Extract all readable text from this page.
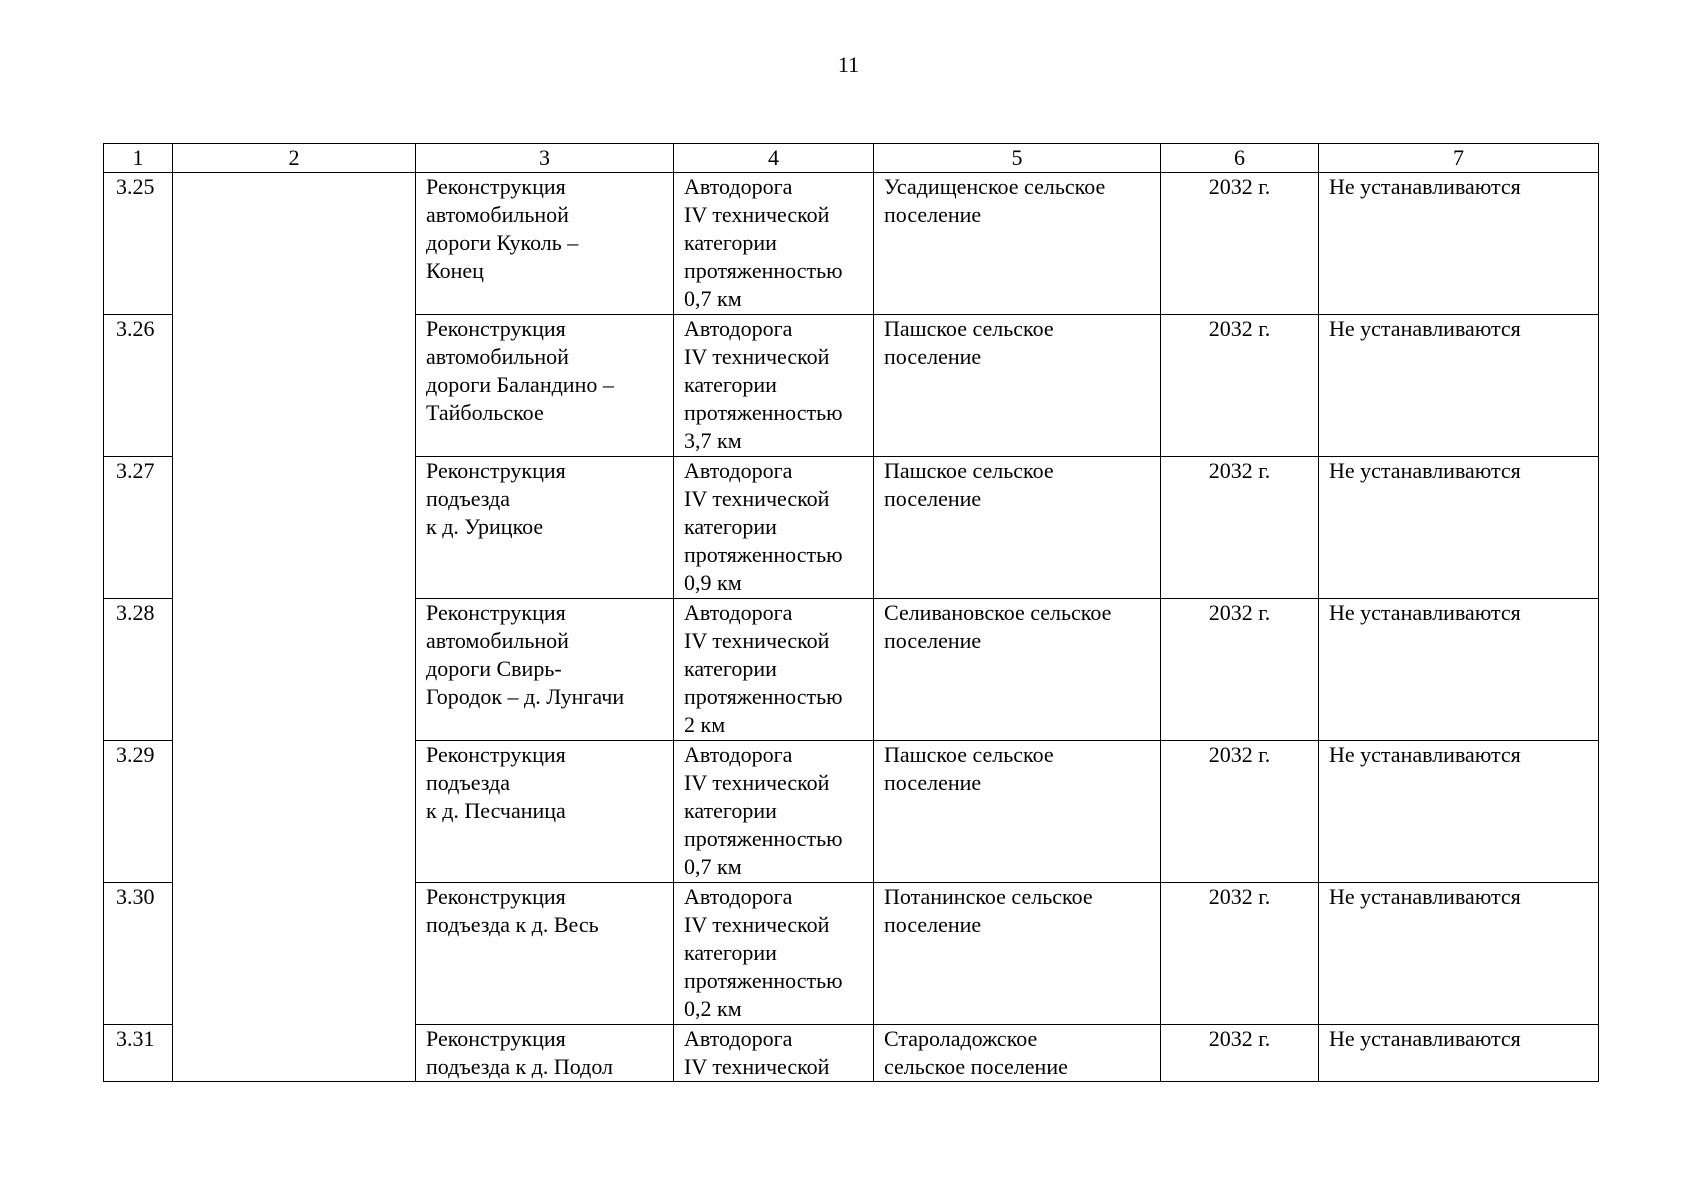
11
1	2	3	4	5	6	7
3.25		Реконструкция
автомобильной
дороги Куколь –
Конец	Автодорога
IV технической
категории
протяженностью
0,7 км	Усадищенское сельское
поселение	2032 г.	Не устанавливаются
3.26		Реконструкция
автомобильной
дороги Баландино –
Тайбольское	Автодорога
IV технической
категории
протяженностью
3,7 км	Пашское сельское
поселение	2032 г.	Не устанавливаются
3.27		Реконструкция
подъезда
к д. Урицкое	Автодорога
IV технической
категории
протяженностью
0,9 км	Пашское сельское
поселение	2032 г.	Не устанавливаются
3.28		Реконструкция
автомобильной
дороги Свирь-
Городок – д. Лунгачи	Автодорога
IV технической
категории
протяженностью
2 км	Селивановское сельское
поселение	2032 г.	Не устанавливаются
3.29		Реконструкция
подъезда
к д. Песчаница	Автодорога
IV технической
категории
протяженностью
0,7 км	Пашское сельское
поселение	2032 г.	Не устанавливаются
3.30		Реконструкция
подъезда к д. Весь	Автодорога
IV технической
категории
протяженностью
0,2 км	Потанинское сельское
поселение	2032 г.	Не устанавливаются
3.31		Реконструкция
подъезда к д. Подол	Автодорога
IV технической	Староладожское
сельское поселение	2032 г.	Не устанавливаются
